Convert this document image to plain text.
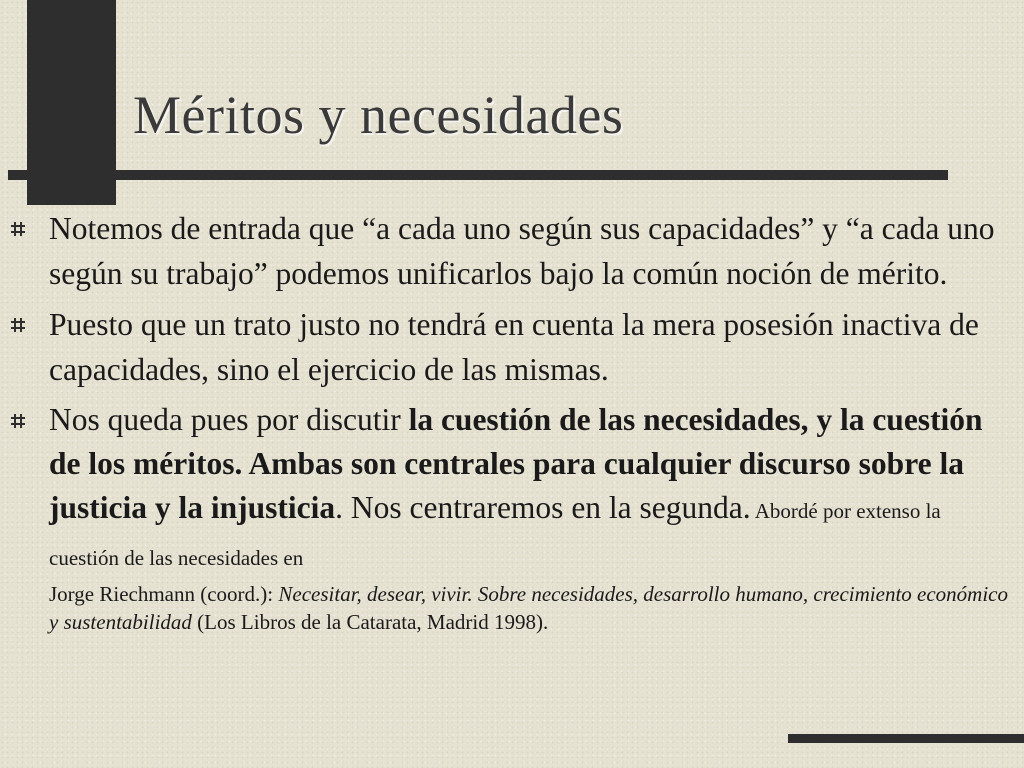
Méritos y necesidades
Notemos de entrada que “a cada uno según sus capacidades” y “a cada uno según su trabajo” podemos unificarlos bajo la común noción de mérito.
Puesto que un trato justo no tendrá en cuenta la mera posesión inactiva de capacidades, sino el ejercicio de las mismas.
Nos queda pues por discutir la cuestión de las necesidades, y la cuestión de los méritos. Ambas son centrales para cualquier discurso sobre la justicia y la injusticia. Nos centraremos en la segunda. Abordé por extenso la cuestión de las necesidades en
Jorge Riechmann (coord.): Necesitar, desear, vivir. Sobre necesidades, desarrollo humano, crecimiento económico y sustentabilidad (Los Libros de la Catarata, Madrid 1998).
